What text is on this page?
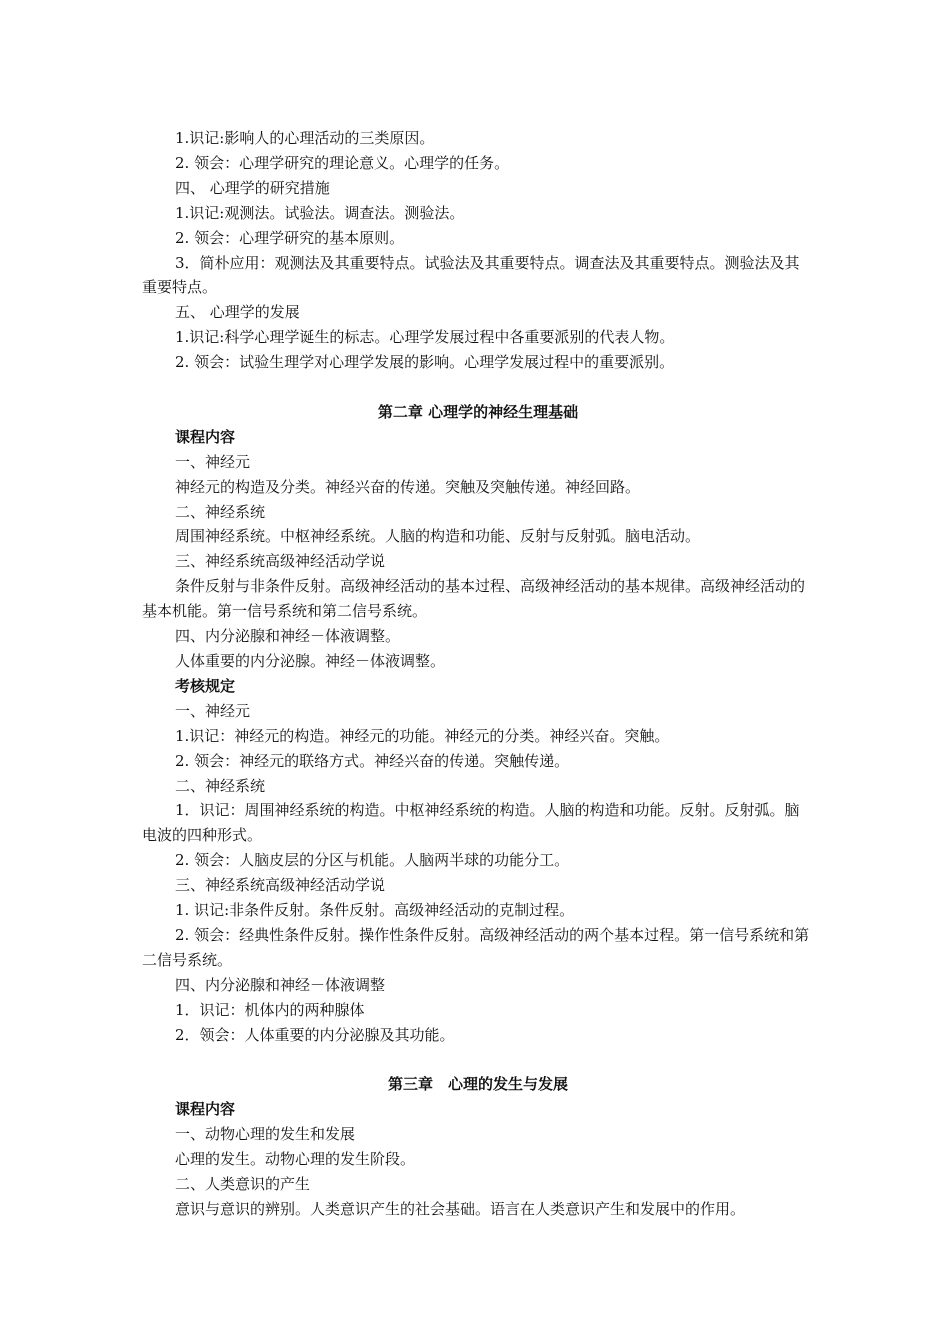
1.识记:影响人的心理活动的三类原因。

2. 领会：心理学研究的理论意义。心理学的任务。

四、 心理学的研究措施

1.识记:观测法。试验法。调查法。测验法。

2. 领会：心理学研究的基本原则。

3．简朴应用：观测法及其重要特点。试验法及其重要特点。调查法及其重要特点。测验法及其重要特点。

五、 心理学的发展

1.识记:科学心理学诞生的标志。心理学发展过程中各重要派别的代表人物。

2. 领会：试验生理学对心理学发展的影响。心理学发展过程中的重要派别。

第二章 心理学的神经生理基础

课程内容

一、神经元

神经元的构造及分类。神经兴奋的传递。突触及突触传递。神经回路。

二、神经系统

周围神经系统。中枢神经系统。人脑的构造和功能、反射与反射弧。脑电活动。

三、神经系统高级神经活动学说

条件反射与非条件反射。高级神经活动的基本过程、高级神经活动的基本规律。高级神经活动的基本机能。第一信号系统和第二信号系统。

四、内分泌腺和神经－体液调整。

人体重要的内分泌腺。神经－体液调整。

考核规定

一、神经元

1.识记：神经元的构造。神经元的功能。神经元的分类。神经兴奋。突触。

2. 领会：神经元的联络方式。神经兴奋的传递。突触传递。

二、神经系统

1．识记：周围神经系统的构造。中枢神经系统的构造。人脑的构造和功能。反射。反射弧。脑电波的四种形式。

2. 领会：人脑皮层的分区与机能。人脑两半球的功能分工。

三、神经系统高级神经活动学说

1. 识记:非条件反射。条件反射。高级神经活动的克制过程。

2. 领会：经典性条件反射。操作性条件反射。高级神经活动的两个基本过程。第一信号系统和第二信号系统。

四、内分泌腺和神经－体液调整

1．识记：机体内的两种腺体

2．领会：人体重要的内分泌腺及其功能。

第三章　心理的发生与发展

课程内容

一、动物心理的发生和发展

心理的发生。动物心理的发生阶段。

二、人类意识的产生

意识与意识的辨别。人类意识产生的社会基础。语言在人类意识产生和发展中的作用。
